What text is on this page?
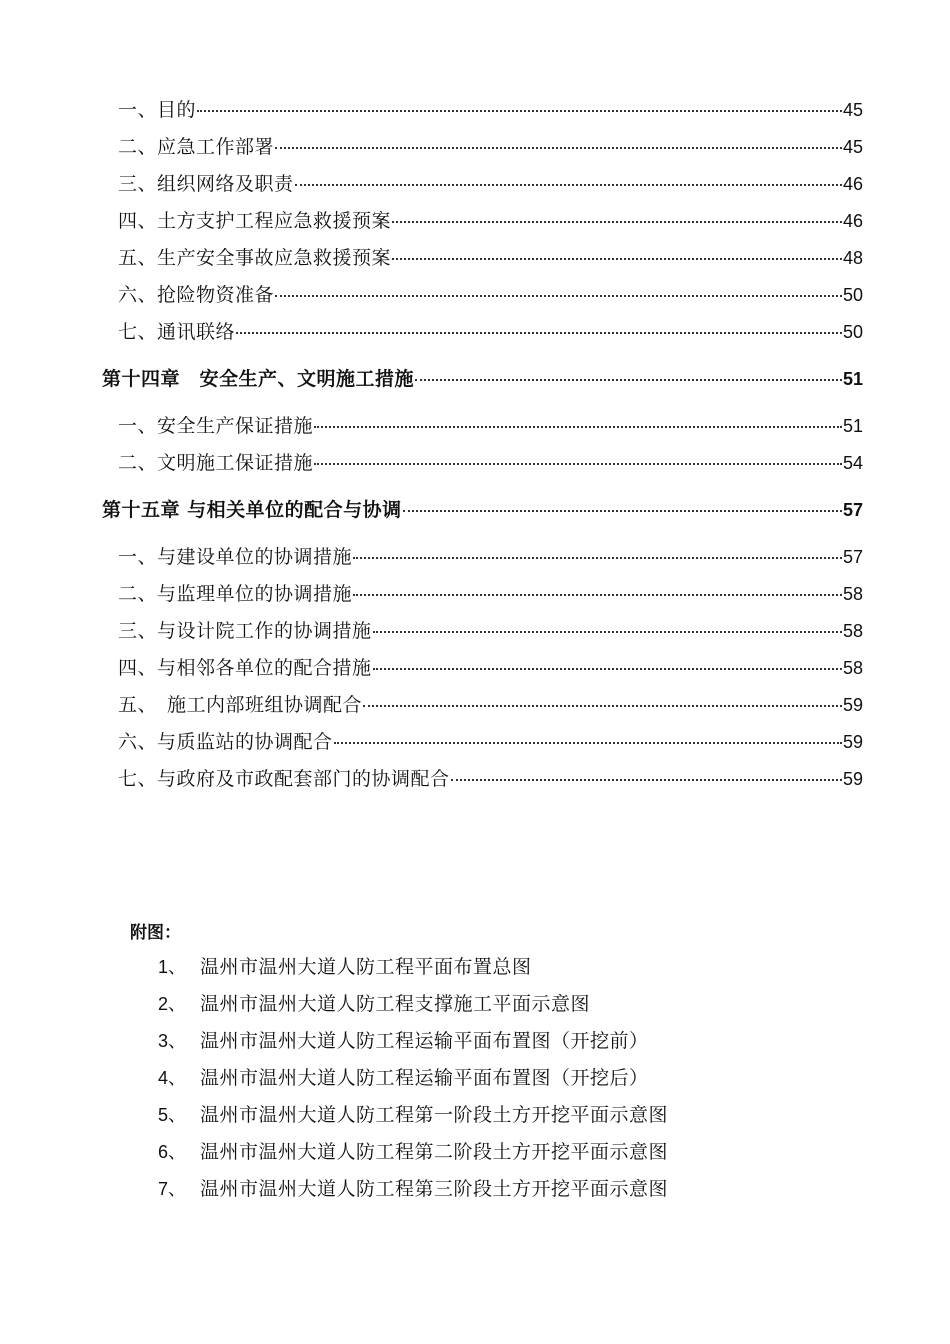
一、目的	45
二、应急工作部署	45
三、组织网络及职责	46
四、土方支护工程应急救援预案	46
五、生产安全事故应急救援预案	48
六、抢险物资准备	50
七、通讯联络	50
第十四章　安全生产、文明施工措施	51
一、安全生产保证措施	51
二、文明施工保证措施	54
第十五章 与相关单位的配合与协调	57
一、与建设单位的协调措施	57
二、与监理单位的协调措施	58
三、与设计院工作的协调措施	58
四、与相邻各单位的配合措施	58
五、　施工内部班组协调配合	59
六、与质监站的协调配合	59
七、与政府及市政配套部门的协调配合	59
附图：
1、 温州市温州大道人防工程平面布置总图
2、 温州市温州大道人防工程支撑施工平面示意图
3、 温州市温州大道人防工程运输平面布置图（开挖前）
4、 温州市温州大道人防工程运输平面布置图（开挖后）
5、 温州市温州大道人防工程第一阶段土方开挖平面示意图
6、 温州市温州大道人防工程第二阶段土方开挖平面示意图
7、 温州市温州大道人防工程第三阶段土方开挖平面示意图
